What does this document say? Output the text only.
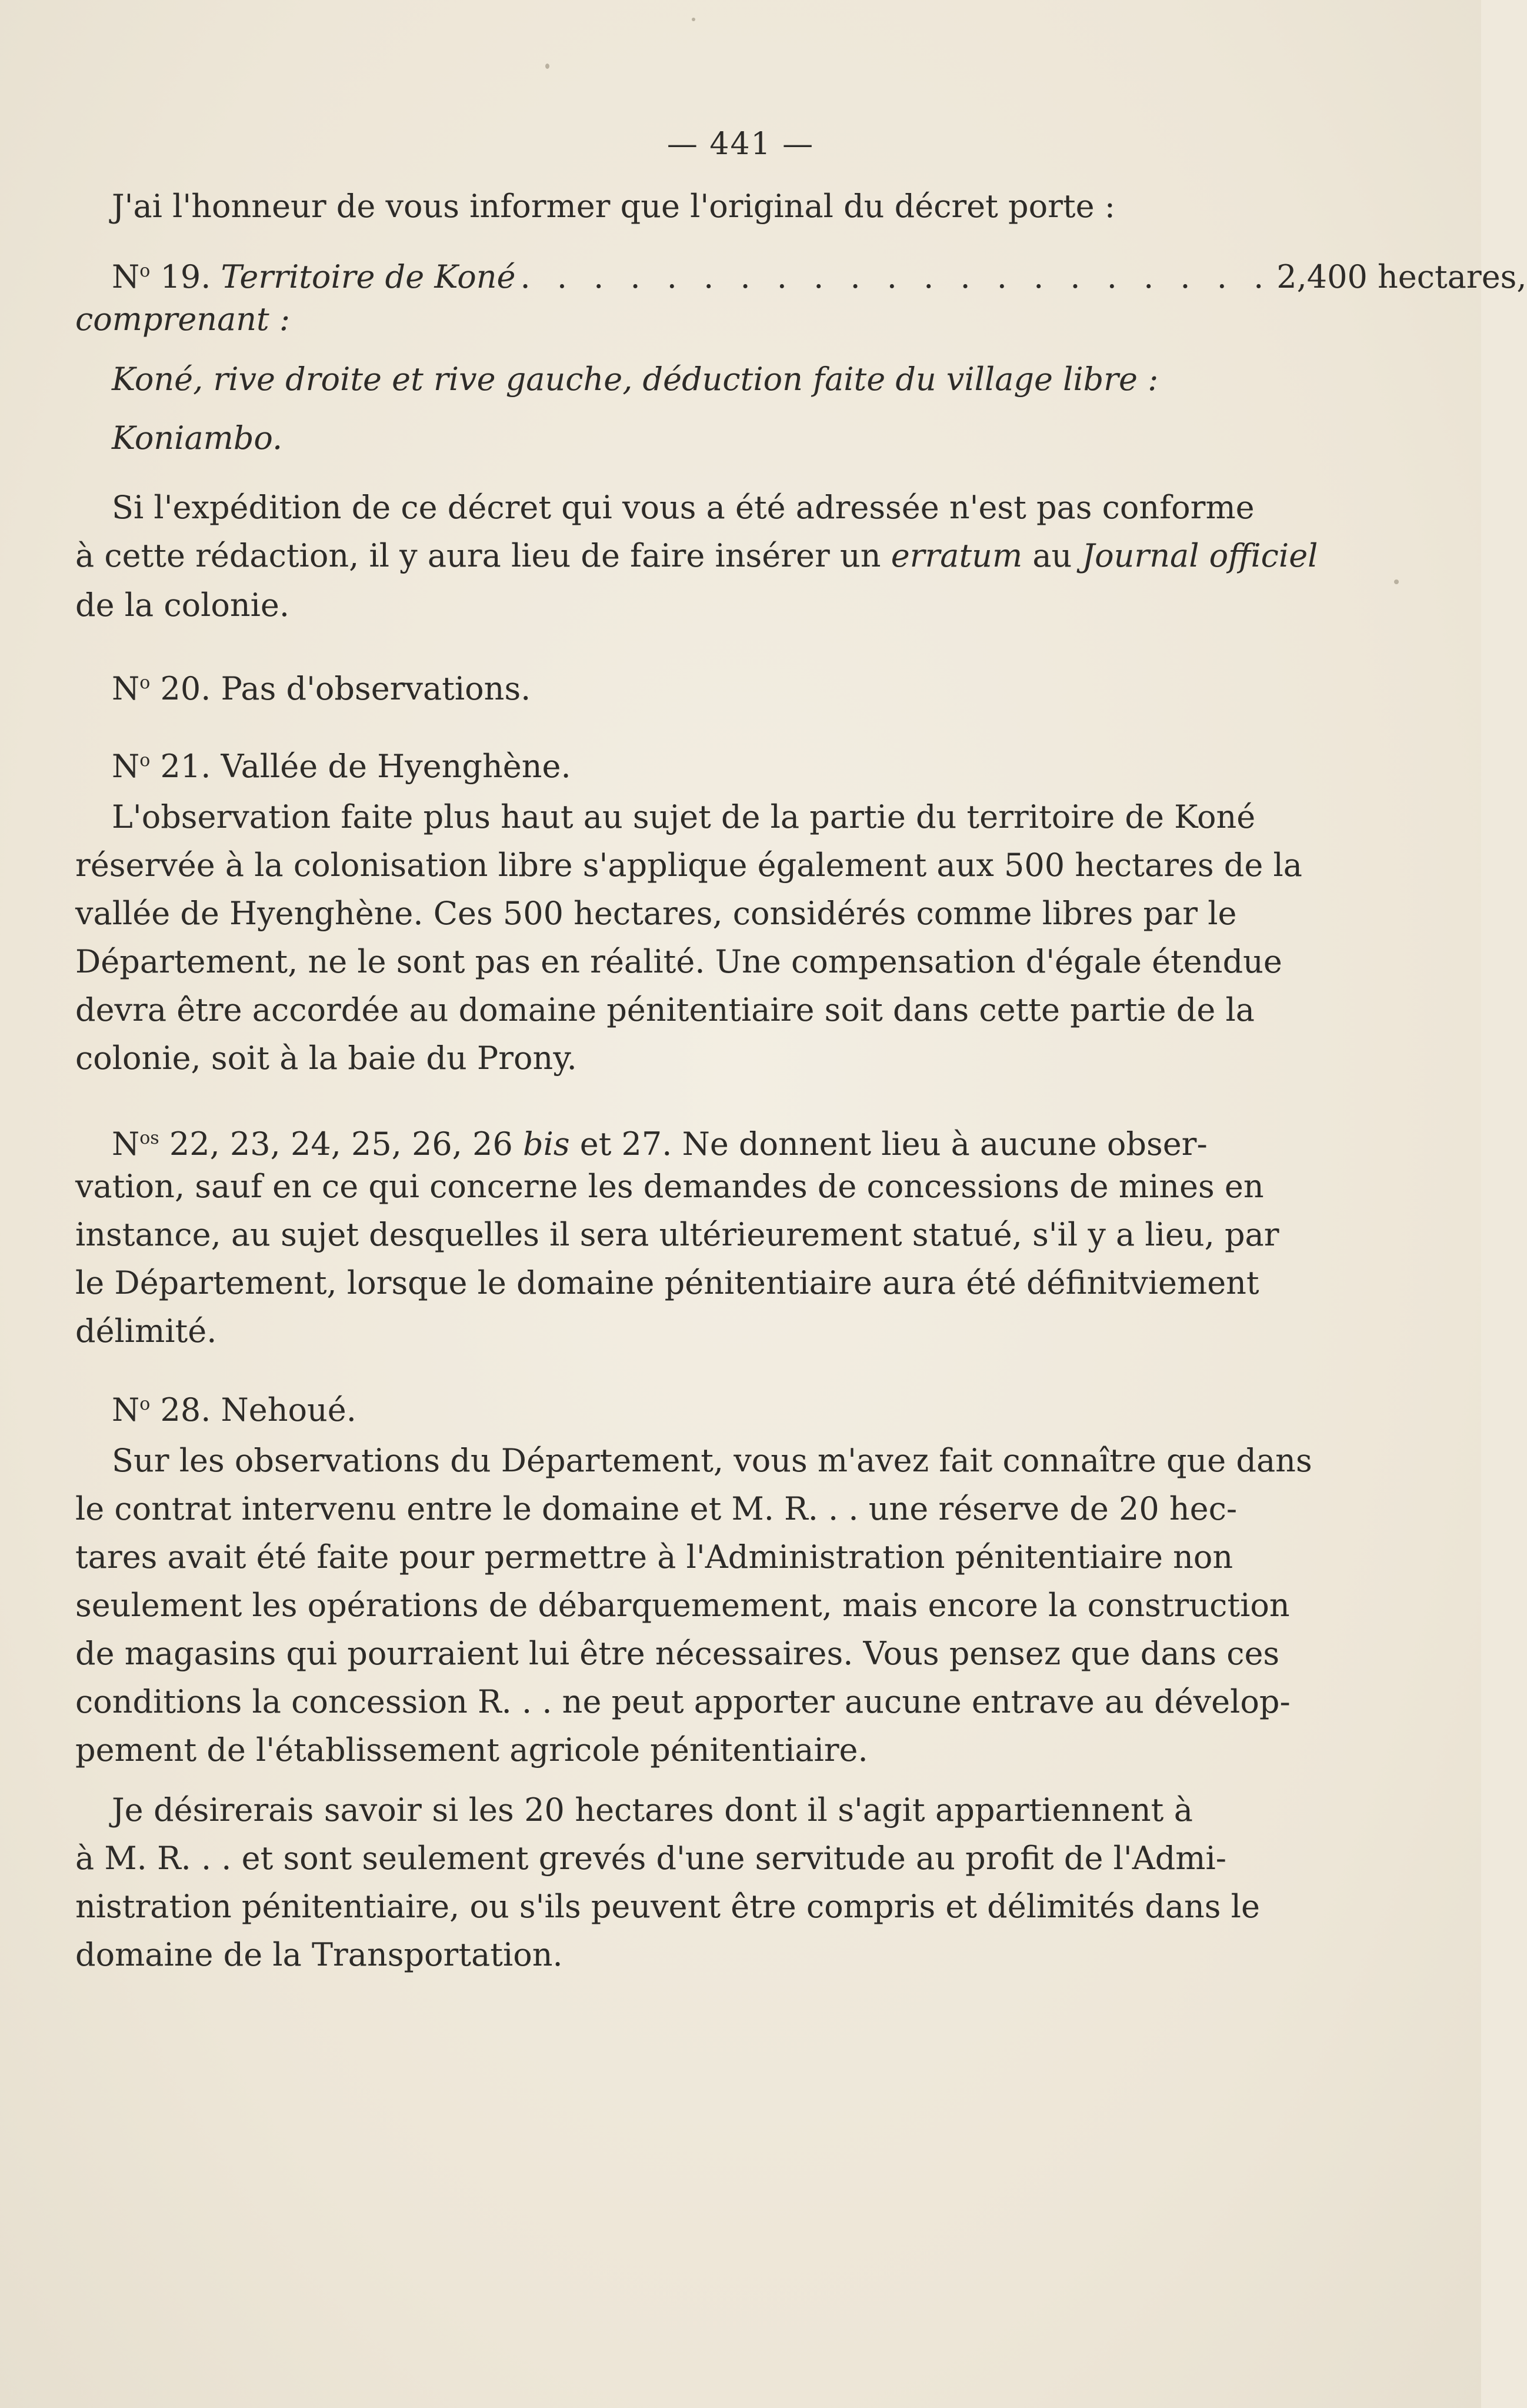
— 441 —
J'ai l'honneur de vous informer que l'original du décret porte :
$N^o$ 19.
Territoire de Koné . . . . . . . . . . . . . . . . . . . . . 2,400 hectares,
comprenant :
Koné, rive droite et rive gauche, déduction faite du village libre :
Koniambo.
Si l'expédition de ce décret qui vous a été adressée n'est pas conforme
à cette rédaction, il y aura lieu de faire insérer un erratum au Journal officiel
de la colonie.
$N^o$ 20. Pas d'observations.
$N^o$ 21. Vallée de Hyenghène.
L'observation faite plus haut au sujet de la partie du territoire de Koné
réservée à la colonisation libre s'applique également aux 500 hectares de la
vallée de Hyenghène. Ces 500 hectares, considérés comme libres par le
Département, ne le sont pas en réalité. Une compensation d'égale étendue
devra être accordée au domaine pénitentiaire soit dans cette partie de la
colonie, soit à la baie du Prony.
$N^{os}$ 22, 23, 24, 25, 26, 26 bis et 27. Ne donnent lieu à aucune obser-
vation, sauf en ce qui concerne les demandes de concessions de mines en
instance, au sujet desquelles il sera ultérieurement statué, s'il y a lieu, par
le Département, lorsque le domaine pénitentiaire aura été définitviement
délimité.
$N^o$ 28. Nehoué.
Sur les observations du Département, vous m'avez fait connaître que dans
le contrat intervenu entre le domaine et M. R. . . une réserve de 20 hec-
tares avait été faite pour permettre à l'Administration pénitentiaire non
seulement les opérations de débarquemement, mais encore la construction
de magasins qui pourraient lui être nécessaires. Vous pensez que dans ces
conditions la concession R. . . ne peut apporter aucune entrave au dévelop-
pement de l'établissement agricole pénitentiaire.
Je désirerais savoir si les 20 hectares dont il s'agit appartiennent à
à M. R. . . et sont seulement grevés d'une servitude au profit de l'Admi-
nistration pénitentiaire, ou s'ils peuvent être compris et délimités dans le
domaine de la Transportation.
